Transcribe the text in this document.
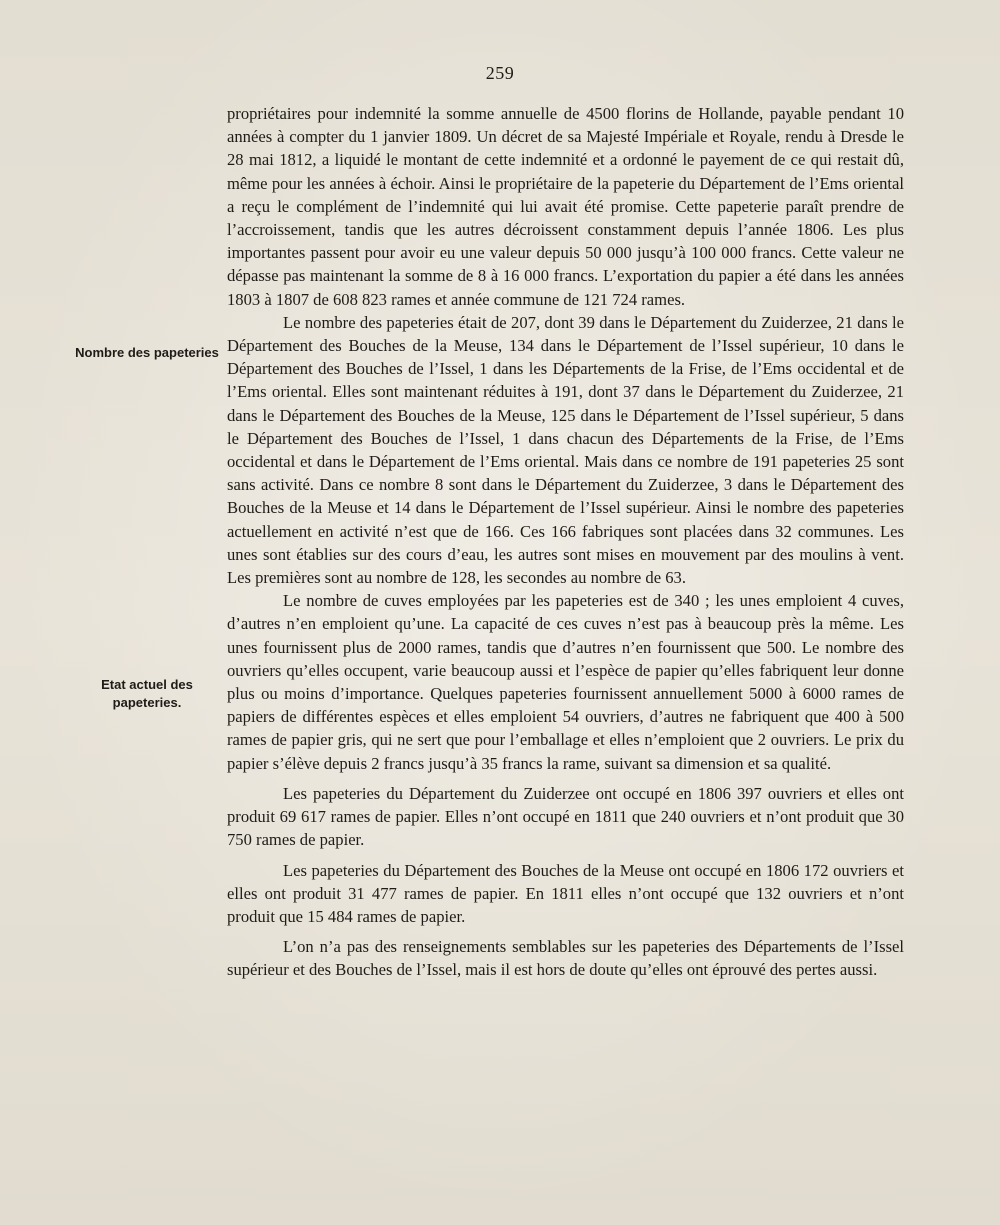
259
Nombre des papeteries
Etat actuel des papeteries.

propriétaires pour indemnité la somme annuelle de 4500 florins de Hollande, payable pendant 10 années à compter du 1 janvier 1809. Un décret de sa Majesté Impériale et Royale, rendu à Dresde le 28 mai 1812, a liquidé le montant de cette indemnité et a ordonné le payement de ce qui restait dû, même pour les années à échoir. Ainsi le propriétaire de la papeterie du Département de l’Ems oriental a reçu le complément de l’indemnité qui lui avait été promise. Cette papeterie paraît prendre de l’accroissement, tandis que les autres décroissent constamment depuis l’année 1806. Les plus importantes passent pour avoir eu une valeur depuis 50 000 jusqu’à 100 000 francs. Cette valeur ne dépasse pas maintenant la somme de 8 à 16 000 francs. L’exportation du papier a été dans les années 1803 à 1807 de 608 823 rames et année commune de 121 724 rames.

Le nombre des papeteries était de 207, dont 39 dans le Département du Zuiderzee, 21 dans le Département des Bouches de la Meuse, 134 dans le Département de l’Issel supérieur, 10 dans le Département des Bouches de l’Issel, 1 dans les Départements de la Frise, de l’Ems occidental et de l’Ems oriental. Elles sont maintenant réduites à 191, dont 37 dans le Département du Zuiderzee, 21 dans le Département des Bouches de la Meuse, 125 dans le Département de l’Issel supérieur, 5 dans le Département des Bouches de l’Issel, 1 dans chacun des Départements de la Frise, de l’Ems occidental et dans le Département de l’Ems oriental. Mais dans ce nombre de 191 papeteries 25 sont sans activité. Dans ce nombre 8 sont dans le Département du Zuiderzee, 3 dans le Département des Bouches de la Meuse et 14 dans le Département de l’Issel supérieur. Ainsi le nombre des papeteries actuellement en activité n’est que de 166. Ces 166 fabriques sont placées dans 32 communes. Les unes sont établies sur des cours d’eau, les autres sont mises en mouvement par des moulins à vent. Les premières sont au nombre de 128, les secondes au nombre de 63.

Le nombre de cuves employées par les papeteries est de 340 ; les unes emploient 4 cuves, d’autres n’en emploient qu’une. La capacité de ces cuves n’est pas à beaucoup près la même. Les unes fournissent plus de 2000 rames, tandis que d’autres n’en fournissent que 500. Le nombre des ouvriers qu’elles occupent, varie beaucoup aussi et l’espèce de papier qu’elles fabriquent leur donne plus ou moins d’importance. Quelques papeteries fournissent annuellement 5000 à 6000 rames de papiers de différentes espèces et elles emploient 54 ouvriers, d’autres ne fabriquent que 400 à 500 rames de papier gris, qui ne sert que pour l’emballage et elles n’emploient que 2 ouvriers. Le prix du papier s’élève depuis 2 francs jusqu’à 35 francs la rame, suivant sa dimension et sa qualité.

Les papeteries du Département du Zuiderzee ont occupé en 1806 397 ouvriers et elles ont produit 69 617 rames de papier. Elles n’ont occupé en 1811 que 240 ouvriers et n’ont produit que 30 750 rames de papier.

Les papeteries du Département des Bouches de la Meuse ont occupé en 1806 172 ouvriers et elles ont produit 31 477 rames de papier. En 1811 elles n’ont occupé que 132 ouvriers et n’ont produit que 15 484 rames de papier.

L’on n’a pas des renseignements semblables sur les papeteries des Départements de l’Issel supérieur et des Bouches de l’Issel, mais il est hors de doute qu’elles ont éprouvé des pertes aussi.
